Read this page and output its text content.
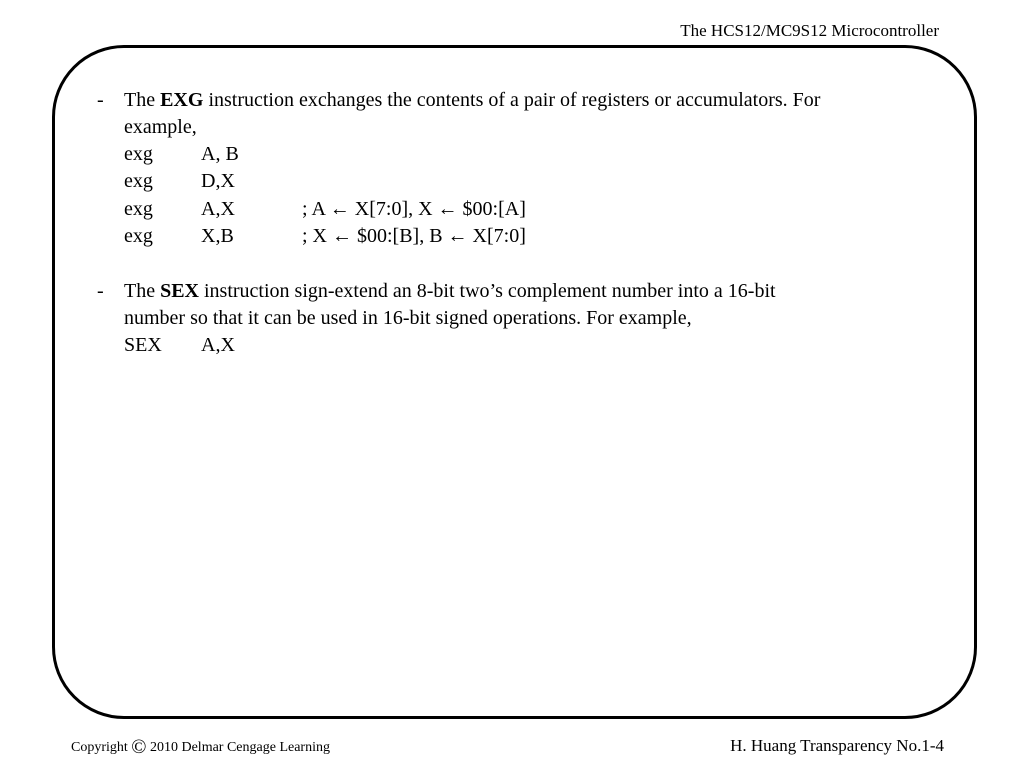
The HCS12/MC9S12 Microcontroller
- The EXG instruction exchanges the contents of a pair of registers or accumulators. For
example,
exg A, B
exg D,X
exg A,X	; A ← X[7:0], X ← $00:[A]
exg X,B	; X ← $00:[B], B ← X[7:0]
- The SEX instruction sign-extend an 8-bit two’s complement number into a 16-bit
number so that it can be used in 16-bit signed operations. For example,
SEX A,X
Copyright © 2010 Delmar Cengage Learning	H. Huang Transparency No.1-4
